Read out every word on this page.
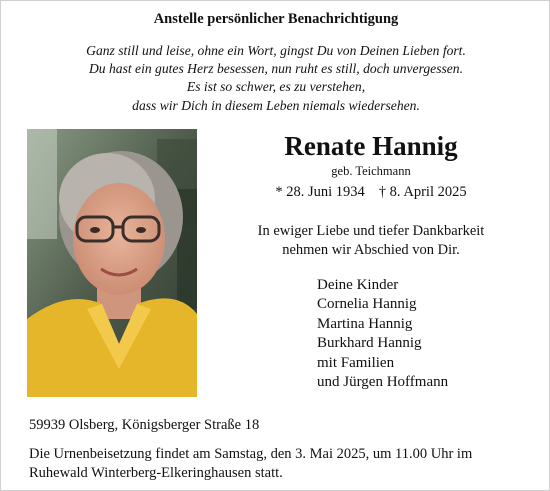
Anstelle persönlicher Benachrichtigung
Ganz still und leise, ohne ein Wort, gingst Du von Deinen Lieben fort.
Du hast ein gutes Herz besessen, nun ruht es still, doch unvergessen.
Es ist so schwer, es zu verstehen,
dass wir Dich in diesem Leben niemals wiedersehen.
Renate Hannig
geb. Teichmann
* 28. Juni 1934 † 8. April 2025
In ewiger Liebe und tiefer Dankbarkeit
nehmen wir Abschied von Dir.
Deine Kinder
Cornelia Hannig
Martina Hannig
Burkhard Hannig
mit Familien
und Jürgen Hoffmann
59939 Olsberg, Königsberger Straße 18
Die Urnenbeisetzung findet am Samstag, den 3. Mai 2025, um 11.00 Uhr im
Ruhewald Winterberg-Elkeringhausen statt.
